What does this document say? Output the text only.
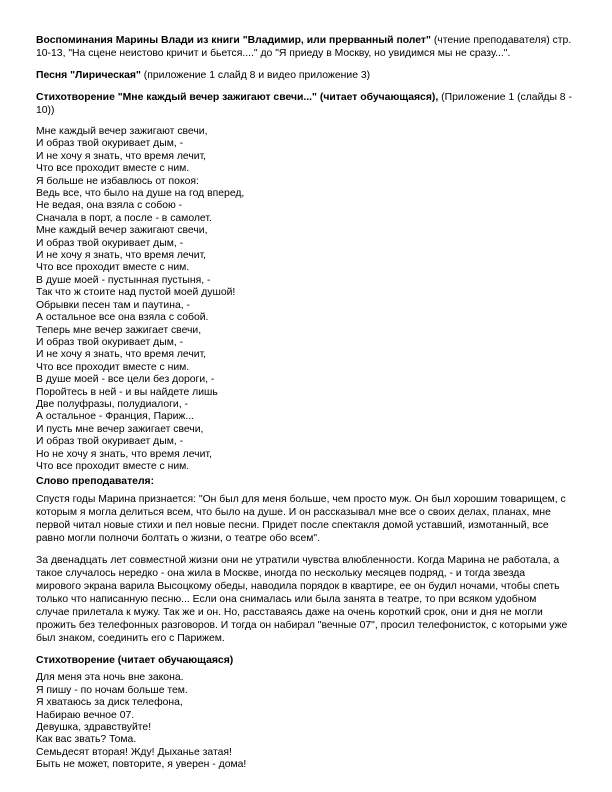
Воспоминания Марины Влади из книги "Владимир, или прерванный полет" (чтение преподавателя) стр. 10-13, "На сцене неистово кричит и бьется...." до "Я приеду в Москву, но увидимся мы не сразу...".

Песня "Лирическая" (приложение 1 слайд 8 и видео приложение 3)

Стихотворение "Мне каждый вечер зажигают свечи..." (читает обучающаяся), (Приложение 1 (слайды 8 - 10))

Мне каждый вечер зажигают свечи,
И образ твой окуривает дым, -
И не хочу я знать, что время лечит,
Что все проходит вместе с ним.
Я больше не избавлюсь от покоя:
Ведь все, что было на душе на год вперед,
Не ведая, она взяла с собою -
Сначала в порт, а после - в самолет.
Мне каждый вечер зажигают свечи,
И образ твой окуривает дым, -
И не хочу я знать, что время лечит,
Что все проходит вместе с ним.
В душе моей - пустынная пустыня, -
Так что ж стоите над пустой моей душой!
Обрывки песен там и паутина, -
А остальное все она взяла с собой.
Теперь мне вечер зажигает свечи,
И образ твой окуривает дым, -
И не хочу я знать, что время лечит,
Что все проходит вместе с ним.
В душе моей - все цели без дороги, -
Поройтесь в ней - и вы найдете лишь
Две полуфразы, полудиалоги, -
А остальное - Франция, Париж...
И пусть мне вечер зажигает свечи,
И образ твой окуривает дым, -
Но не хочу я знать, что время лечит,
Что все проходит вместе с ним.

Слово преподавателя:

Спустя годы Марина признается: "Он был для меня больше, чем просто муж. Он был хорошим товарищем, с которым я могла делиться всем, что было на душе. И он рассказывал мне все о своих делах, планах, мне первой читал новые стихи и пел новые песни. Придет после спектакля домой уставший, измотанный, все равно могли полночи болтать о жизни, о театре обо всем".

За двенадцать лет совместной жизни они не утратили чувства влюбленности. Когда Марина не работала, а такое случалось нередко - она жила в Москве, иногда по нескольку месяцев подряд, - и тогда звезда мирового экрана варила Высоцкому обеды, наводила порядок в квартире, ее он будил ночами, чтобы спеть только что написанную песню... Если она снималась или была занята в театре, то при всяком удобном случае прилетала к мужу. Так же и он. Но, расставаясь даже на очень короткий срок, они и дня не могли прожить без телефонных разговоров. И тогда он набирал "вечные 07", просил телефонисток, с которыми уже был знаком, соединить его с Парижем.

Стихотворение (читает обучающаяся)

Для меня эта ночь вне закона.
Я пишу - по ночам больше тем.
Я хватаюсь за диск телефона,
Набираю вечное 07.
Девушка, здравствуйте!
Как вас звать? Тома.
Семьдесят вторая! Жду! Дыханье затая!
Быть не может, повторите, я уверен - дома!
